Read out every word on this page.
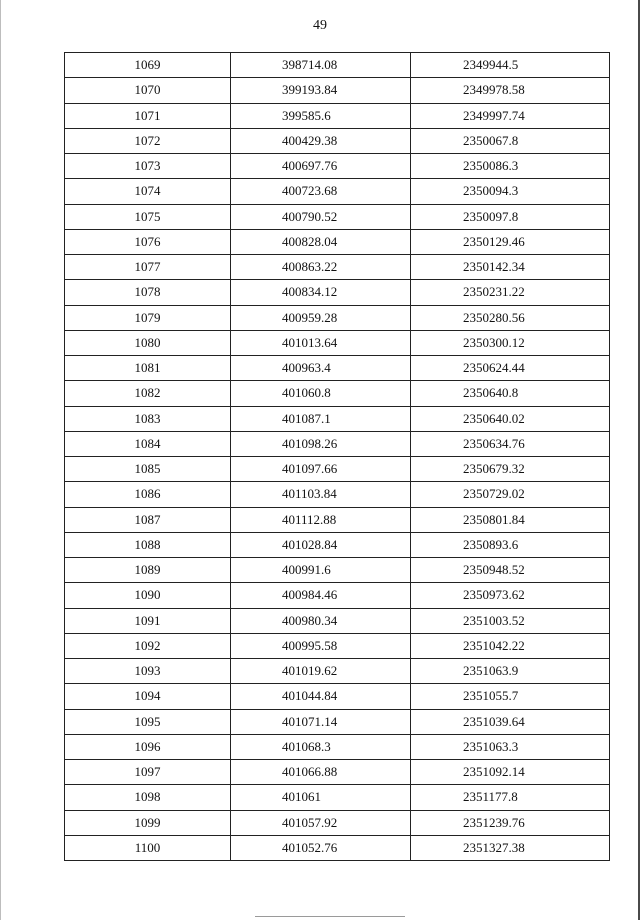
49
1069	398714.08	2349944.5
1070	399193.84	2349978.58
1071	399585.6	2349997.74
1072	400429.38	2350067.8
1073	400697.76	2350086.3
1074	400723.68	2350094.3
1075	400790.52	2350097.8
1076	400828.04	2350129.46
1077	400863.22	2350142.34
1078	400834.12	2350231.22
1079	400959.28	2350280.56
1080	401013.64	2350300.12
1081	400963.4	2350624.44
1082	401060.8	2350640.8
1083	401087.1	2350640.02
1084	401098.26	2350634.76
1085	401097.66	2350679.32
1086	401103.84	2350729.02
1087	401112.88	2350801.84
1088	401028.84	2350893.6
1089	400991.6	2350948.52
1090	400984.46	2350973.62
1091	400980.34	2351003.52
1092	400995.58	2351042.22
1093	401019.62	2351063.9
1094	401044.84	2351055.7
1095	401071.14	2351039.64
1096	401068.3	2351063.3
1097	401066.88	2351092.14
1098	401061	2351177.8
1099	401057.92	2351239.76
1100	401052.76	2351327.38
